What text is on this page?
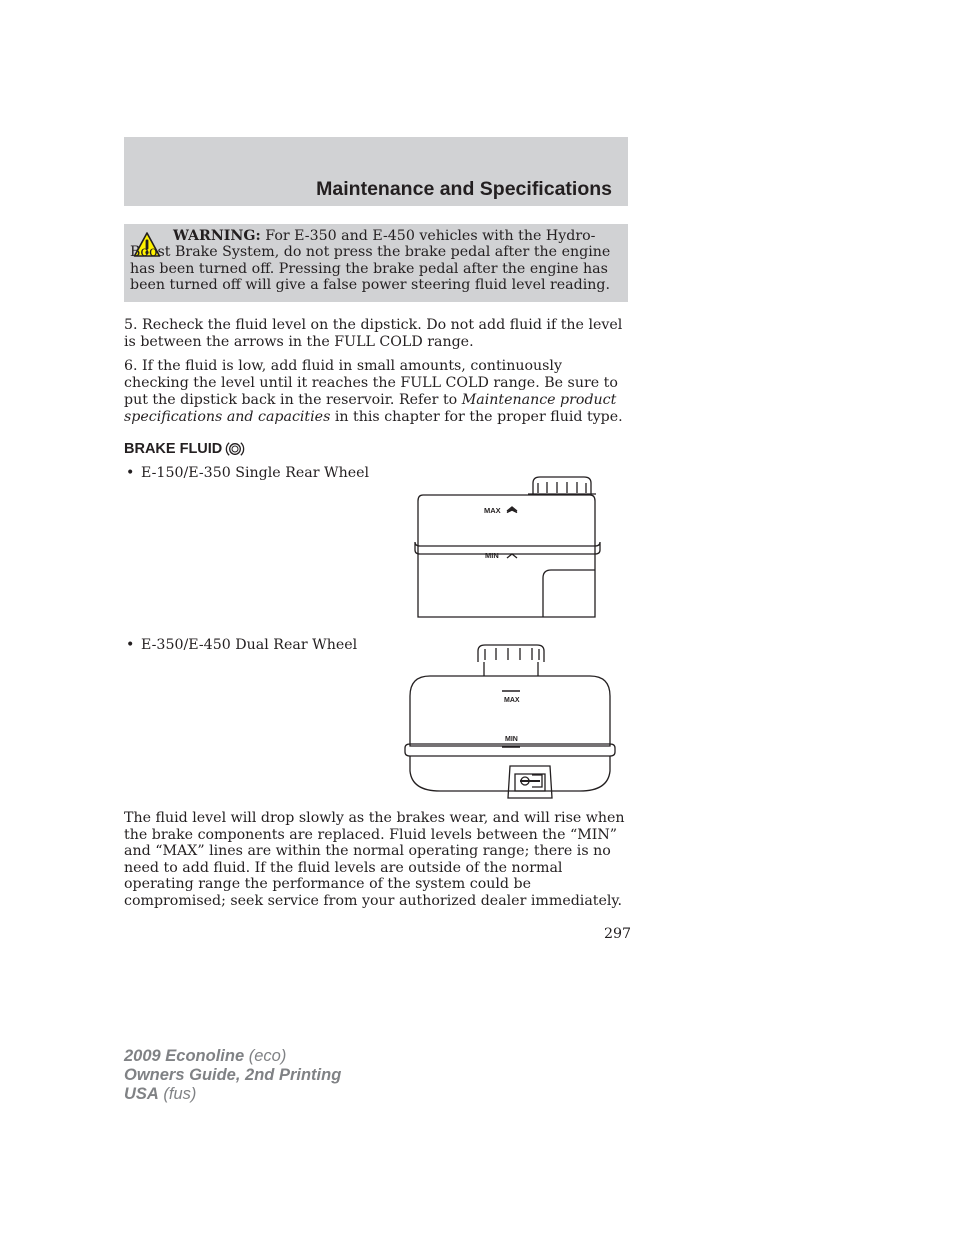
Maintenance and Specifications
WARNING: For E-350 and E-450 vehicles with the Hydro-Boost Brake System, do not press the brake pedal after the engine has been turned off. Pressing the brake pedal after the engine has been turned off will give a false power steering fluid level reading.

5. Recheck the fluid level on the dipstick. Do not add fluid if the level is between the arrows in the FULL COLD range.

6. If the fluid is low, add fluid in small amounts, continuously checking the level until it reaches the FULL COLD range. Be sure to put the dipstick back in the reservoir. Refer to Maintenance product specifications and capacities in this chapter for the proper fluid type.

BRAKE FLUID
• E-150/E-350 Single Rear Wheel
MAX
MIN
• E-350/E-450 Dual Rear Wheel
MAX
MIN

The fluid level will drop slowly as the brakes wear, and will rise when the brake components are replaced. Fluid levels between the “MIN” and “MAX” lines are within the normal operating range; there is no need to add fluid. If the fluid levels are outside of the normal operating range the performance of the system could be compromised; seek service from your authorized dealer immediately.

297
2009 Econoline (eco)
Owners Guide, 2nd Printing
USA (fus)
